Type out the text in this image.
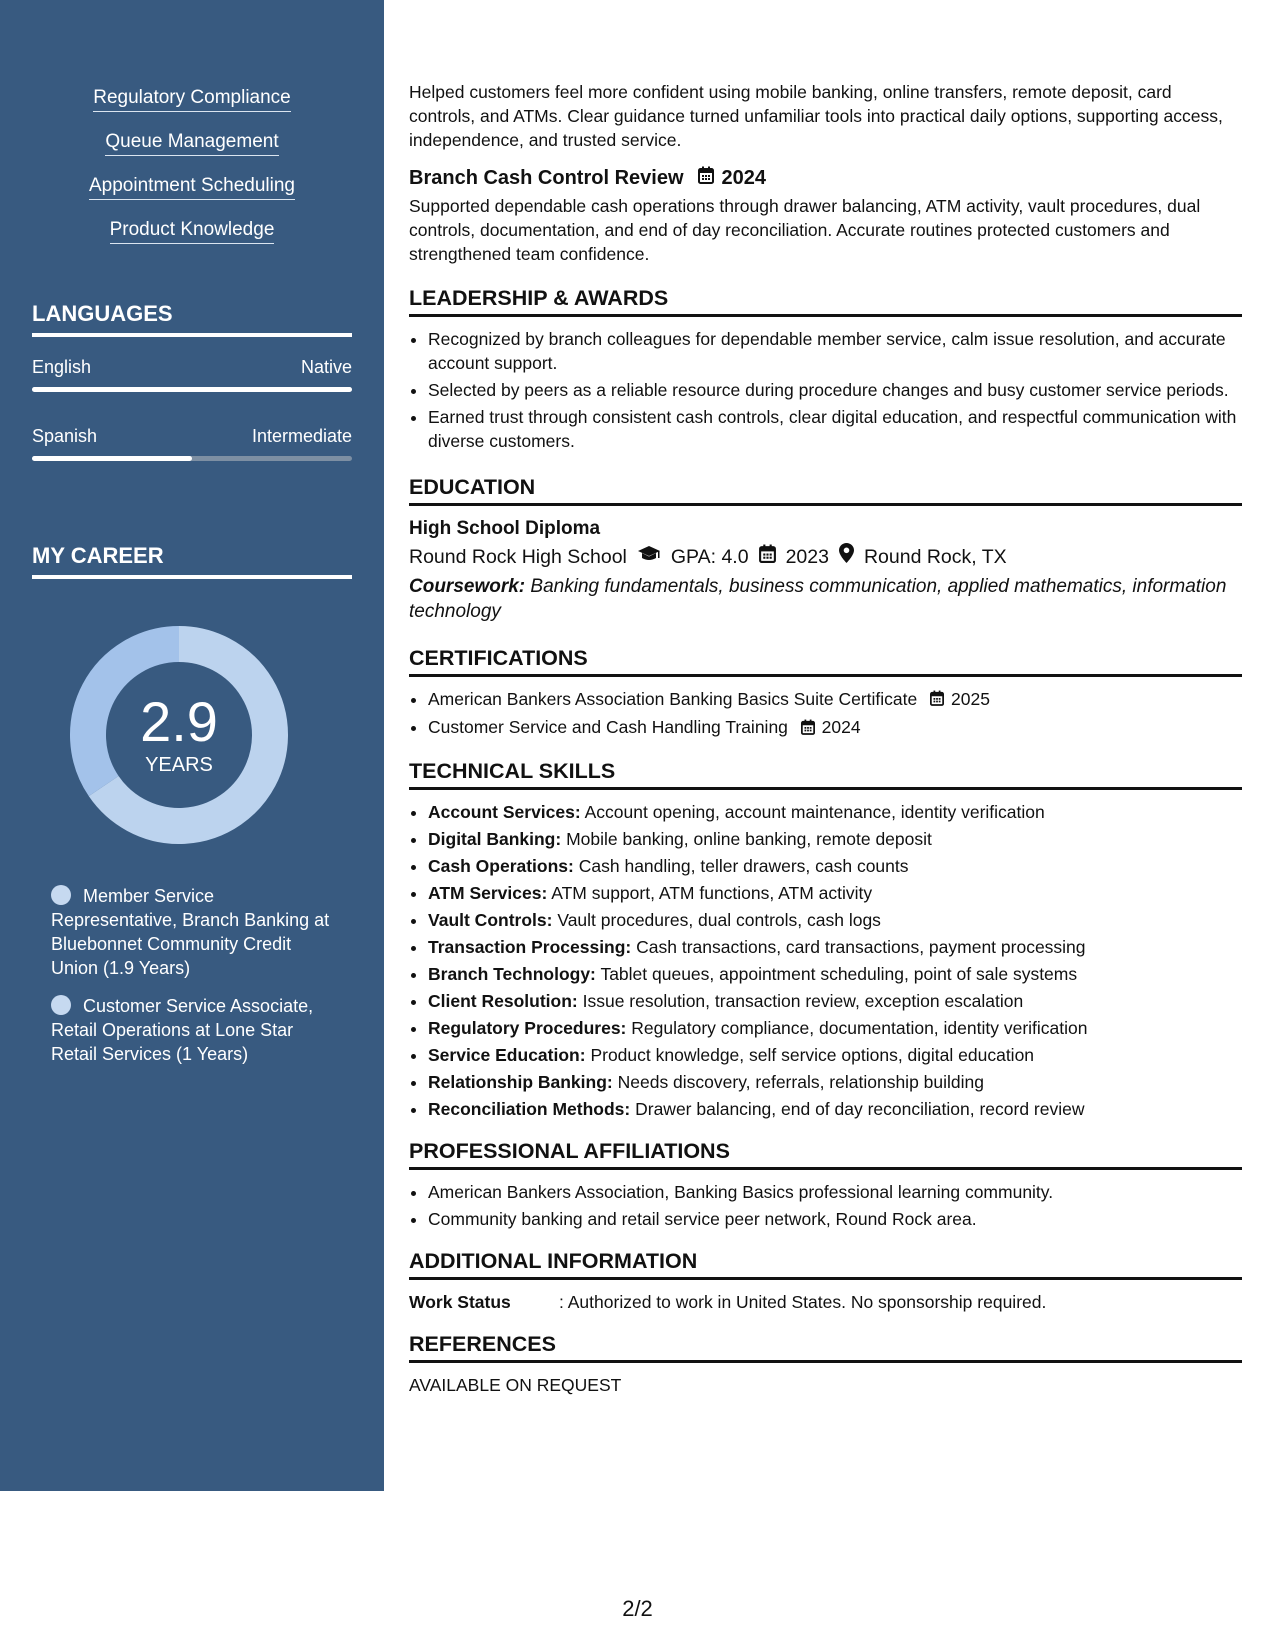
Regulatory Compliance
Queue Management
Appointment Scheduling
Product Knowledge
LANGUAGES
English	Native
Spanish	Intermediate
MY CAREER
2.9
YEARS
Member Service Representative, Branch Banking at Bluebonnet Community Credit Union (1.9 Years)
Customer Service Associate, Retail Operations at Lone Star Retail Services (1 Years)

Helped customers feel more confident using mobile banking, online transfers, remote deposit, card controls, and ATMs. Clear guidance turned unfamiliar tools into practical daily options, supporting access, independence, and trusted service.

Branch Cash Control Review 2024

Supported dependable cash operations through drawer balancing, ATM activity, vault procedures, dual controls, documentation, and end of day reconciliation. Accurate routines protected customers and strengthened team confidence.

LEADERSHIP & AWARDS
• Recognized by branch colleagues for dependable member service, calm issue resolution, and accurate account support.
• Selected by peers as a reliable resource during procedure changes and busy customer service periods.
• Earned trust through consistent cash controls, clear digital education, and respectful communication with diverse customers.
EDUCATION
High School Diploma
Round Rock High School GPA: 4.0 2023 Round Rock, TX
Coursework: Banking fundamentals, business communication, applied mathematics, information technology
CERTIFICATIONS
• American Bankers Association Banking Basics Suite Certificate 2025
• Customer Service and Cash Handling Training 2024
TECHNICAL SKILLS
• Account Services: Account opening, account maintenance, identity verification
• Digital Banking: Mobile banking, online banking, remote deposit
• Cash Operations: Cash handling, teller drawers, cash counts
• ATM Services: ATM support, ATM functions, ATM activity
• Vault Controls: Vault procedures, dual controls, cash logs
• Transaction Processing: Cash transactions, card transactions, payment processing
• Branch Technology: Tablet queues, appointment scheduling, point of sale systems
• Client Resolution: Issue resolution, transaction review, exception escalation
• Regulatory Procedures: Regulatory compliance, documentation, identity verification
• Service Education: Product knowledge, self service options, digital education
• Relationship Banking: Needs discovery, referrals, relationship building
• Reconciliation Methods: Drawer balancing, end of day reconciliation, record review
PROFESSIONAL AFFILIATIONS
• American Bankers Association, Banking Basics professional learning community.
• Community banking and retail service peer network, Round Rock area.
ADDITIONAL INFORMATION
Work Status	: Authorized to work in United States. No sponsorship required.
REFERENCES
AVAILABLE ON REQUEST
2/2
